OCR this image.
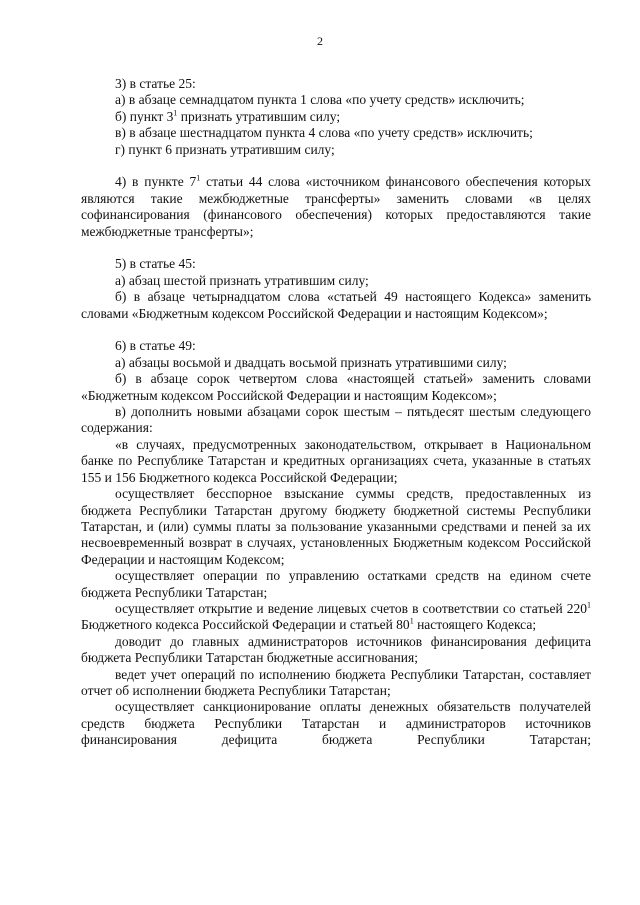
2

3) в статье 25:

а) в абзаце семнадцатом пункта 1 слова «по учету средств» исключить;

б) пункт $3^1$ признать утратившим силу;

в) в абзаце шестнадцатом пункта 4 слова «по учету средств» исключить;

г) пункт 6 признать утратившим силу;

4) в пункте $7^1$ статьи 44 слова «источником финансового обеспечения которых являются такие межбюджетные трансферты» заменить словами «в целях софинансирования (финансового обеспечения) которых предоставляются такие межбюджетные трансферты»;

5) в статье 45:

а) абзац шестой признать утратившим силу;

б) в абзаце четырнадцатом слова «статьей 49 настоящего Кодекса» заменить словами «Бюджетным кодексом Российской Федерации и настоящим Кодексом»;

6) в статье 49:

а) абзацы восьмой и двадцать восьмой признать утратившими силу;

б) в абзаце сорок четвертом слова «настоящей статьей» заменить словами «Бюджетным кодексом Российской Федерации и настоящим Кодексом»;

в) дополнить новыми абзацами сорок шестым – пятьдесят шестым следующего содержания:

«в случаях, предусмотренных законодательством, открывает в Национальном банке по Республике Татарстан и кредитных организациях счета, указанные в статьях 155 и 156 Бюджетного кодекса Российской Федерации;

осуществляет бесспорное взыскание суммы средств, предоставленных из бюджета Республики Татарстан другому бюджету бюджетной системы Республики Татарстан, и (или) суммы платы за пользование указанными средствами и пеней за их несвоевременный возврат в случаях, установленных Бюджетным кодексом Российской Федерации и настоящим Кодексом;

осуществляет операции по управлению остатками средств на едином счете бюджета Республики Татарстан;

осуществляет открытие и ведение лицевых счетов в соответствии со статьей $220^1$ Бюджетного кодекса Российской Федерации и статьей $80^1$ настоящего Кодекса;

доводит до главных администраторов источников финансирования дефицита бюджета Республики Татарстан бюджетные ассигнования;

ведет учет операций по исполнению бюджета Республики Татарстан, составляет отчет об исполнении бюджета Республики Татарстан;

осуществляет санкционирование оплаты денежных обязательств получателей средств бюджета Республики Татарстан и администраторов источников финансирования дефицита бюджета Республики Татарстан;
